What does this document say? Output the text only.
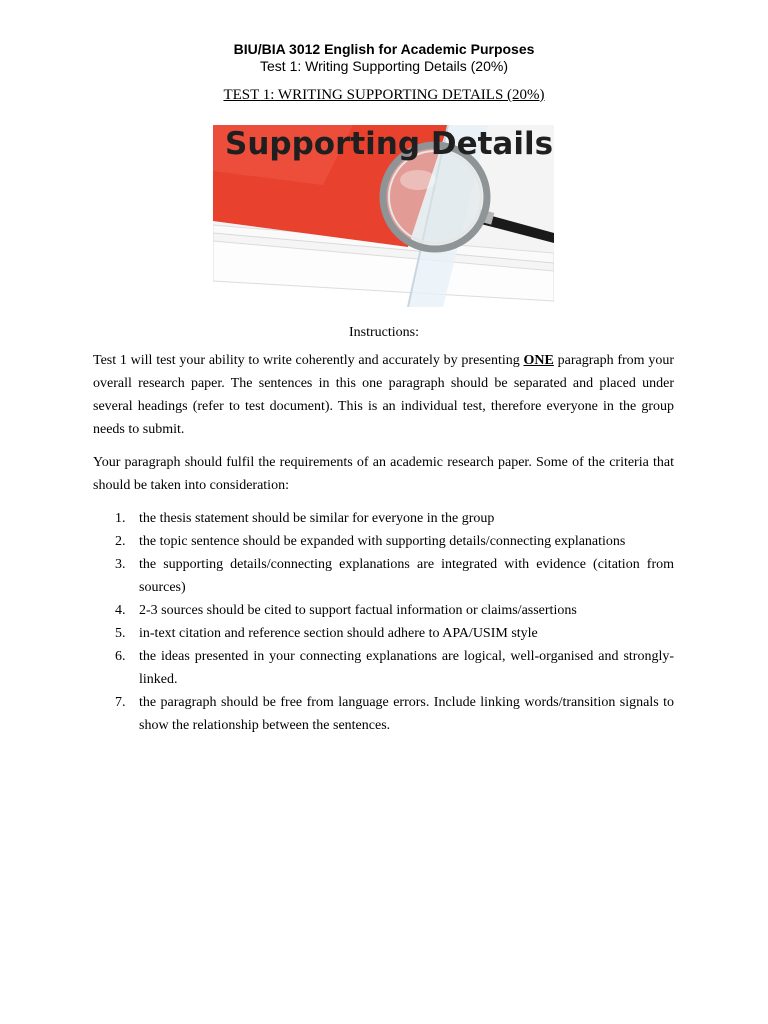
BIU/BIA 3012 English for Academic Purposes
Test 1: Writing Supporting Details (20%)
TEST 1: WRITING SUPPORTING DETAILS (20%)
Supporting Details
Instructions:

Test 1 will test your ability to write coherently and accurately by presenting ONE paragraph from your overall research paper. The sentences in this one paragraph should be separated and placed under several headings (refer to test document). This is an individual test, therefore everyone in the group needs to submit.

Your paragraph should fulfil the requirements of an academic research paper. Some of the criteria that should be taken into consideration:

1. the thesis statement should be similar for everyone in the group
2. the topic sentence should be expanded with supporting details/connecting explanations
3. the supporting details/connecting explanations are integrated with evidence (citation from sources)
4. 2-3 sources should be cited to support factual information or claims/assertions
5. in-text citation and reference section should adhere to APA/USIM style
6. the ideas presented in your connecting explanations are logical, well-organised and strongly-linked.
7. the paragraph should be free from language errors. Include linking words/transition signals to show the relationship between the sentences.
